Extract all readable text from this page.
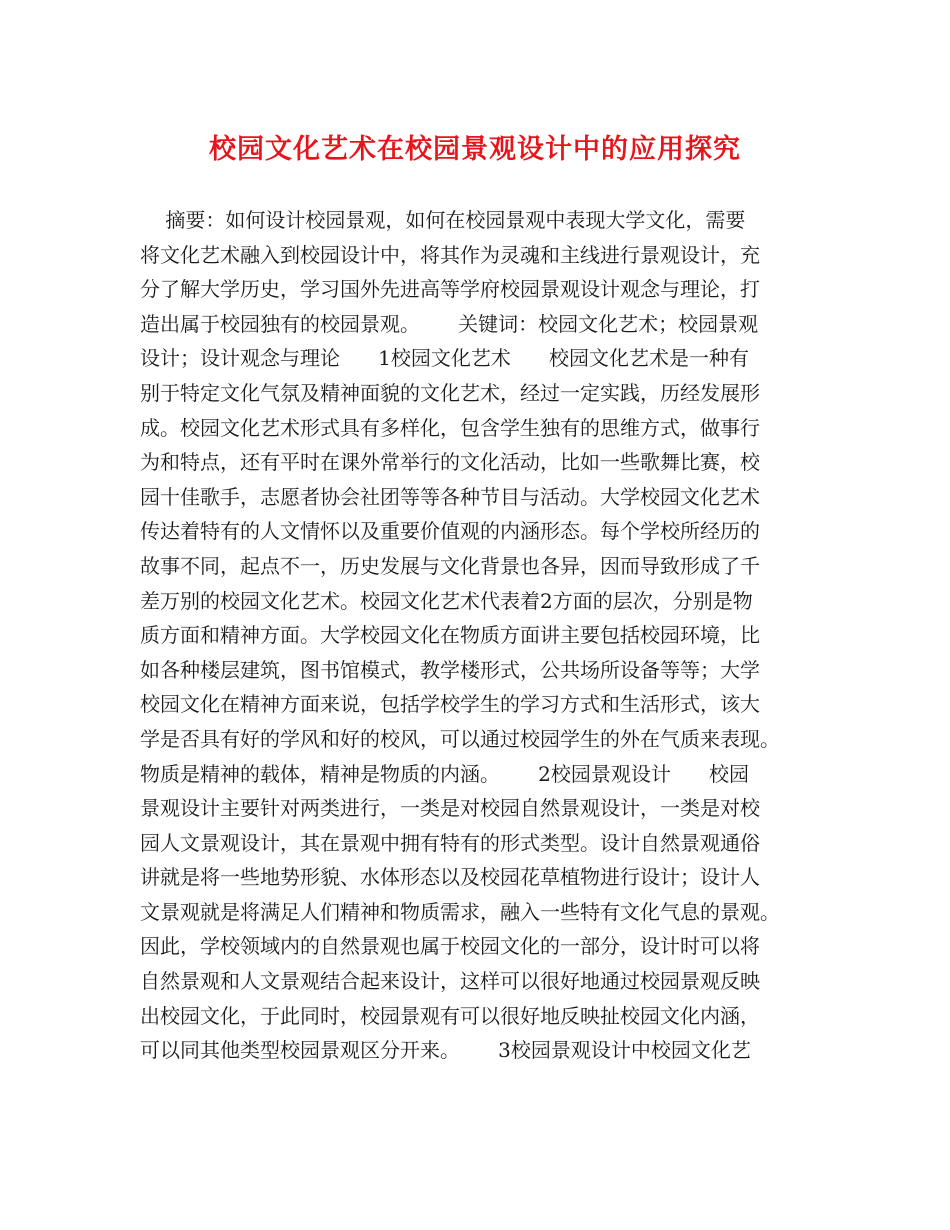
校园文化艺术在校园景观设计中的应用探究
摘要：如何设计校园景观，如何在校园景观中表现大学文化，需要
将文化艺术融入到校园设计中，将其作为灵魂和主线进行景观设计，充
分了解大学历史，学习国外先进高等学府校园景观设计观念与理论，打
造出属于校园独有的校园景观。      关键词：校园文化艺术；校园景观
设计；设计观念与理论      1校园文化艺术      校园文化艺术是一种有
别于特定文化气氛及精神面貌的文化艺术，经过一定实践，历经发展形
成。校园文化艺术形式具有多样化，包含学生独有的思维方式，做事行
为和特点，还有平时在课外常举行的文化活动，比如一些歌舞比赛，校
园十佳歌手，志愿者协会社团等等各种节目与活动。大学校园文化艺术
传达着特有的人文情怀以及重要价值观的内涵形态。每个学校所经历的
故事不同，起点不一，历史发展与文化背景也各异，因而导致形成了千
差万别的校园文化艺术。校园文化艺术代表着2方面的层次，分别是物
质方面和精神方面。大学校园文化在物质方面讲主要包括校园环境，比
如各种楼层建筑，图书馆模式，教学楼形式，公共场所设备等等；大学
校园文化在精神方面来说，包括学校学生的学习方式和生活形式，该大
学是否具有好的学风和好的校风，可以通过校园学生的外在气质来表现。
物质是精神的载体，精神是物质的内涵。      2校园景观设计      校园
景观设计主要针对两类进行，一类是对校园自然景观设计，一类是对校
园人文景观设计，其在景观中拥有特有的形式类型。设计自然景观通俗
讲就是将一些地势形貌、水体形态以及校园花草植物进行设计；设计人
文景观就是将满足人们精神和物质需求，融入一些特有文化气息的景观。
因此，学校领域内的自然景观也属于校园文化的一部分，设计时可以将
自然景观和人文景观结合起来设计，这样可以很好地通过校园景观反映
出校园文化，于此同时，校园景观有可以很好地反映扯校园文化内涵，
可以同其他类型校园景观区分开来。      3校园景观设计中校园文化艺
